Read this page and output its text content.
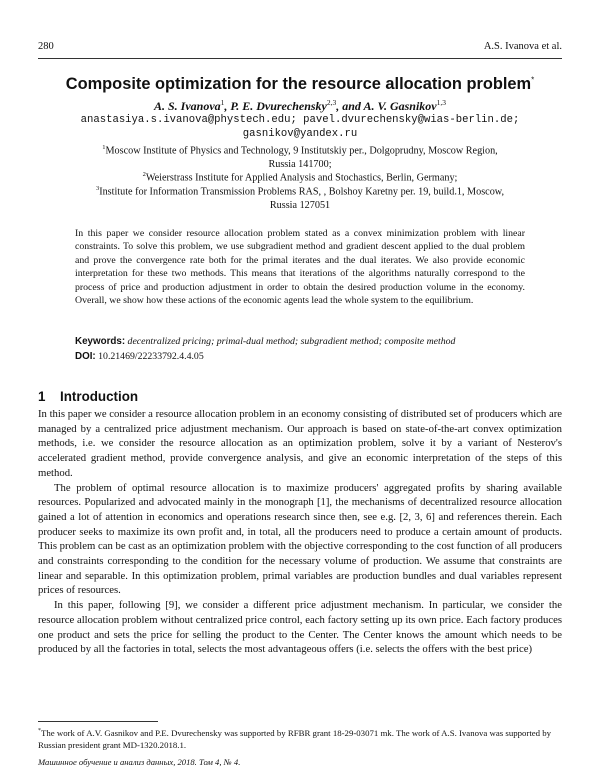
280	A.S. Ivanova et al.
Composite optimization for the resource allocation problem*
A. S. Ivanova$^1$, P. E. Dvurechensky$^{2,3}$, and A. V. Gasnikov$^{1,3}$
anastasiya.s.ivanova@phystech.edu; pavel.dvurechensky@wias-berlin.de;
gasnikov@yandex.ru
$^1$Moscow Institute of Physics and Technology, 9 Institutskiy per., Dolgoprudny, Moscow Region,
Russia 141700;
$^2$Weierstrass Institute for Applied Analysis and Stochastics, Berlin, Germany;
$^3$Institute for Information Transmission Problems RAS, , Bolshoy Karetny per. 19, build.1, Moscow,
Russia 127051
In this paper we consider resource allocation problem stated as a convex minimization problem with linear constraints. To solve this problem, we use subgradient method and gradient descent applied to the dual problem and prove the convergence rate both for the primal iterates and the dual iterates. We also provide economic interpretation for these two methods. This means that iterations of the algorithms naturally correspond to the process of price and production adjustment in order to obtain the desired production volume in the economy. Overall, we show how these actions of the economic agents lead the whole system to the equilibrium.
Keywords: decentralized pricing; primal-dual method; subgradient method; composite method
DOI: 10.21469/22233792.4.4.05
1 Introduction

In this paper we consider a resource allocation problem in an economy consisting of distributed set of producers which are managed by a centralized price adjustment mechanism. Our approach is based on state-of-the-art convex optimization methods, i.e. we consider the resource allocation as an optimization problem, solve it by a variant of Nesterov's accelerated gradient method, provide convergence analysis, and give an economic interpretation of the steps of this method.

The problem of optimal resource allocation is to maximize producers' aggregated profits by sharing available resources. Popularized and advocated mainly in the monograph [1], the mechanisms of decentralized resource allocation gained a lot of attention in economics and operations research since then, see e.g. [2, 3, 6] and references therein. Each producer seeks to maximize its own profit and, in total, all the producers need to produce a certain amount of products. This problem can be cast as an optimization problem with the objective corresponding to the cost function of all producers and constraints corresponding to the condition for the necessary volume of production. We assume that constraints are linear and separable. In this optimization problem, primal variables are production bundles and dual variables represent prices of resources.

In this paper, following [9], we consider a different price adjustment mechanism. In particular, we consider the resource allocation problem without centralized price control, each factory setting up its own price. Each factory produces one product and sets the price for selling the product to the Center. The Center knows the amount which needs to be produced by all the factories in total, selects the most advantageous offers (i.e. selects the offers with the best price)

*The work of A.V. Gasnikov and P.E. Dvurechensky was supported by RFBR grant 18-29-03071 mk. The work of A.S. Ivanova was supported by Russian president grant MD-1320.2018.1.
Машинное обучение и анализ данных, 2018. Том 4, № 4.
